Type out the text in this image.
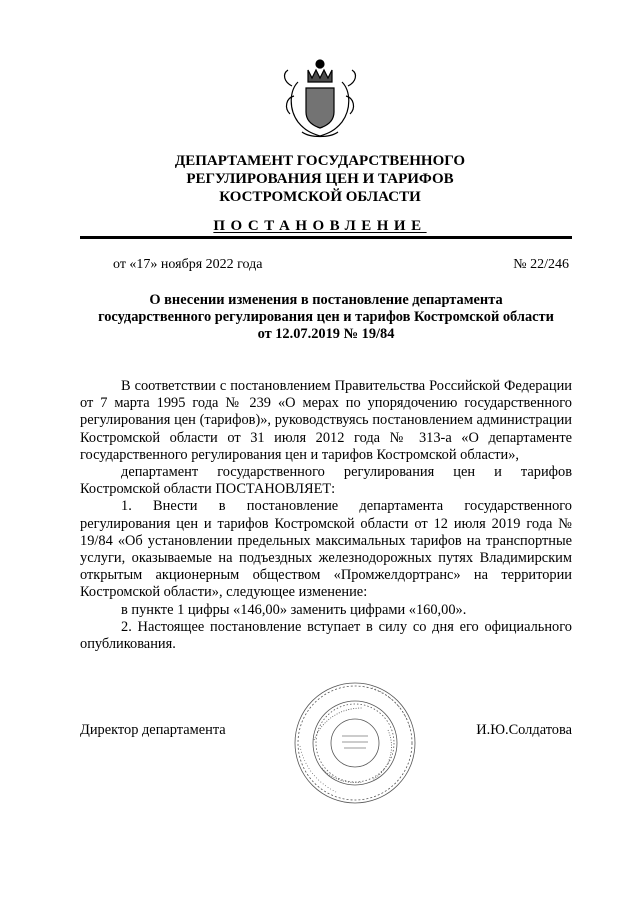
ДЕПАРТАМЕНТ ГОСУДАРСТВЕННОГО
РЕГУЛИРОВАНИЯ ЦЕН И ТАРИФОВ
КОСТРОМСКОЙ ОБЛАСТИ
ПОСТАНОВЛЕНИЕ
от «17» ноября 2022 года	№ 22/246
О внесении изменения в постановление департамента
государственного регулирования цен и тарифов Костромской области
от 12.07.2019 № 19/84

В соответствии с постановлением Правительства Российской Федерации от 7 марта 1995 года № 239 «О мерах по упорядочению государственного регулирования цен (тарифов)», руководствуясь постановлением администрации Костромской области от 31 июля 2012 года № 313-а «О департаменте государственного регулирования цен и тарифов Костромской области»,

департамент государственного регулирования цен и тарифов Костромской области ПОСТАНОВЛЯЕТ:

1. Внести в постановление департамента государственного регулирования цен и тарифов Костромской области от 12 июля 2019 года № 19/84 «Об установлении предельных максимальных тарифов на транспортные услуги, оказываемые на подъездных железнодорожных путях Владимирским открытым акционерным обществом «Промжелдортранс» на территории Костромской области», следующее изменение:

в пункте 1 цифры «146,00» заменить цифрами «160,00».

2. Настоящее постановление вступает в силу со дня его официального опубликования.

Директор департамента	И.Ю.Солдатова
